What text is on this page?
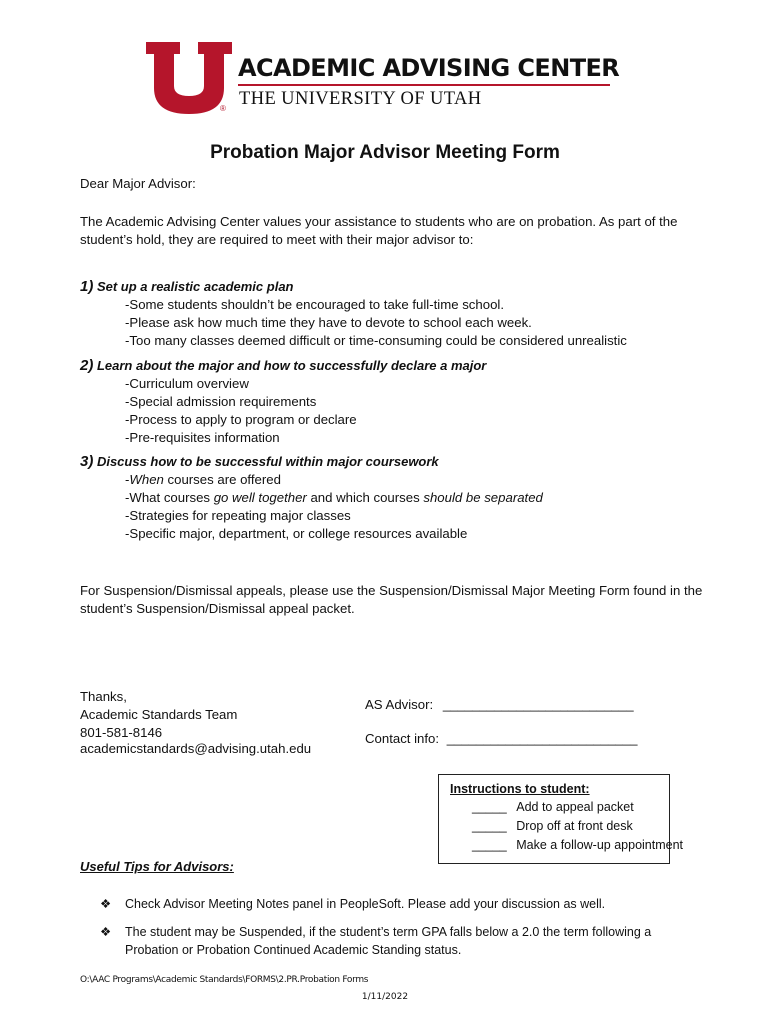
®
ACADEMIC ADVISING CENTER
THE UNIVERSITY OF UTAH
Probation Major Advisor Meeting Form
Dear Major Advisor:
The Academic Advising Center values your assistance to students who are on probation. As part of the
student’s hold, they are required to meet with their major advisor to:
1) Set up a realistic academic plan
-Some students shouldn’t be encouraged to take full-time school.
-Please ask how much time they have to devote to school each week.
-Too many classes deemed difficult or time-consuming could be considered unrealistic
2) Learn about the major and how to successfully declare a major
-Curriculum overview
-Special admission requirements
-Process to apply to program or declare
-Pre-requisites information
3) Discuss how to be successful within major coursework
-When courses are offered
-What courses go well together and which courses should be separated
-Strategies for repeating major classes
-Specific major, department, or college resources available
For Suspension/Dismissal appeals, please use the Suspension/Dismissal Major Meeting Form found in the
student’s Suspension/Dismissal appeal packet.
Thanks,
Academic Standards Team
801-581-8146
academicstandards@advising.utah.edu
AS Advisor: __________________________
Contact info: __________________________
Instructions to student:
_____ Add to appeal packet
_____ Drop off at front desk
_____ Make a follow-up appointment
Useful Tips for Advisors:
❖ Check Advisor Meeting Notes panel in PeopleSoft. Please add your discussion as well.
❖ The student may be Suspended, if the student’s term GPA falls below a 2.0 the term following a
Probation or Probation Continued Academic Standing status.
O:\AAC Programs\Academic Standards\FORMS\2.PR.Probation Forms
1/11/2022
